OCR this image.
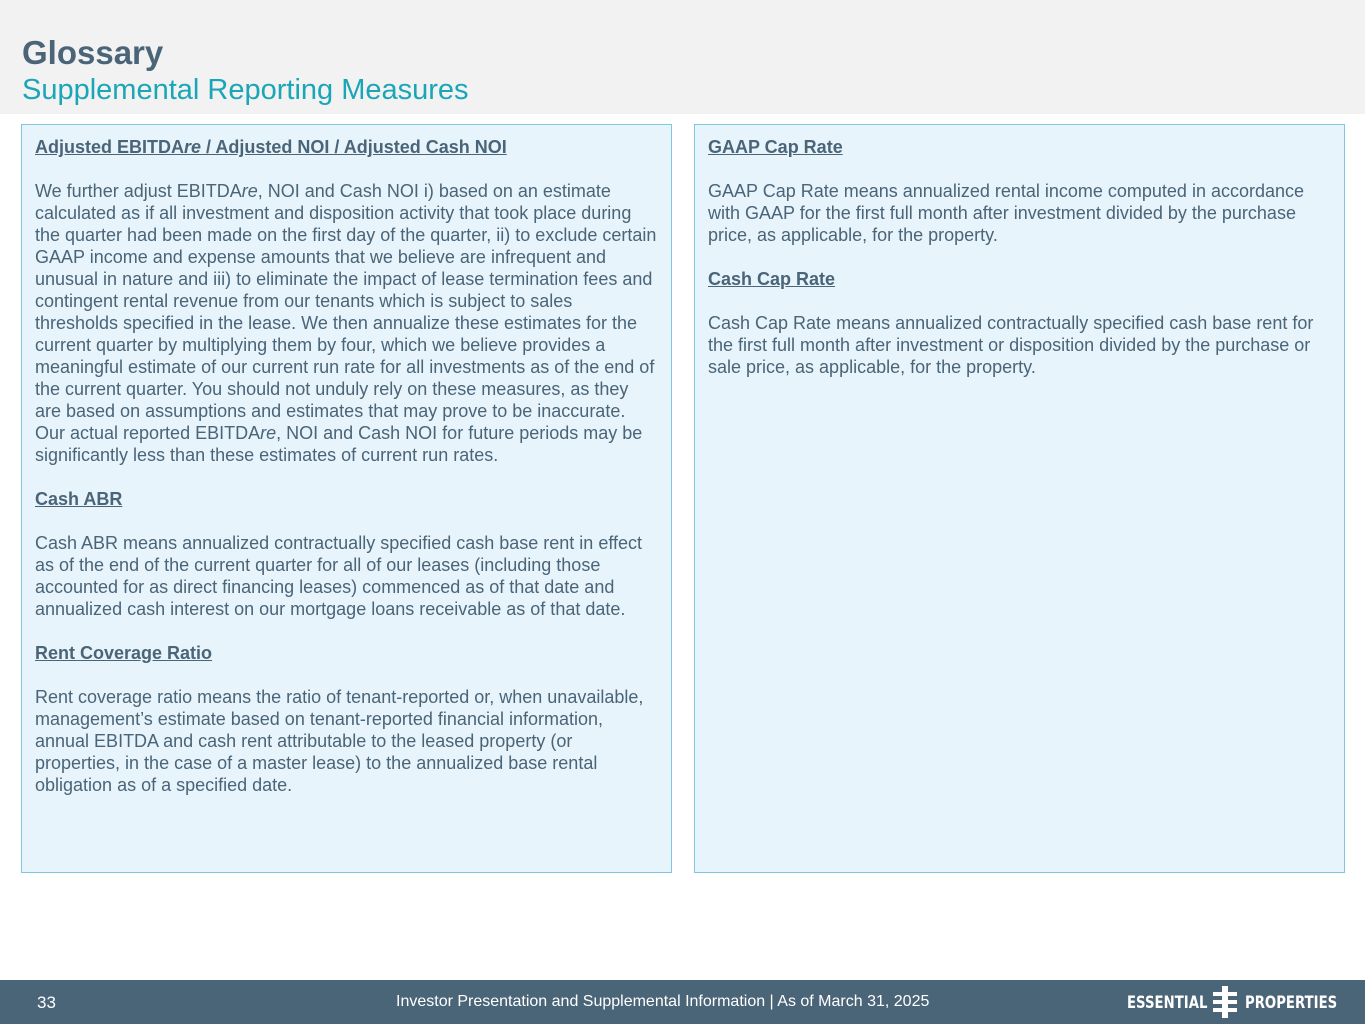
Glossary
Supplemental Reporting Measures

Adjusted EBITDAre / Adjusted NOI / Adjusted Cash NOI

We further adjust EBITDAre, NOI and Cash NOI i) based on an estimate calculated as if all investment and disposition activity that took place during the quarter had been made on the first day of the quarter, ii) to exclude certain GAAP income and expense amounts that we believe are infrequent and unusual in nature and iii) to eliminate the impact of lease termination fees and contingent rental revenue from our tenants which is subject to sales thresholds specified in the lease. We then annualize these estimates for the current quarter by multiplying them by four, which we believe provides a meaningful estimate of our current run rate for all investments as of the end of the current quarter. You should not unduly rely on these measures, as they are based on assumptions and estimates that may prove to be inaccurate. Our actual reported EBITDAre, NOI and Cash NOI for future periods may be significantly less than these estimates of current run rates.

Cash ABR

Cash ABR means annualized contractually specified cash base rent in effect as of the end of the current quarter for all of our leases (including those accounted for as direct financing leases) commenced as of that date and annualized cash interest on our mortgage loans receivable as of that date.

Rent Coverage Ratio

Rent coverage ratio means the ratio of tenant-reported or, when unavailable, management’s estimate based on tenant-reported financial information, annual EBITDA and cash rent attributable to the leased property (or properties, in the case of a master lease) to the annualized base rental obligation as of a specified date.

GAAP Cap Rate

GAAP Cap Rate means annualized rental income computed in accordance with GAAP for the first full month after investment divided by the purchase price, as applicable, for the property.

Cash Cap Rate

Cash Cap Rate means annualized contractually specified cash base rent for the first full month after investment or disposition divided by the purchase or sale price, as applicable, for the property.

33	Investor Presentation and Supplemental Information | As of March 31, 2025	ESSENTIAL PROPERTIES
